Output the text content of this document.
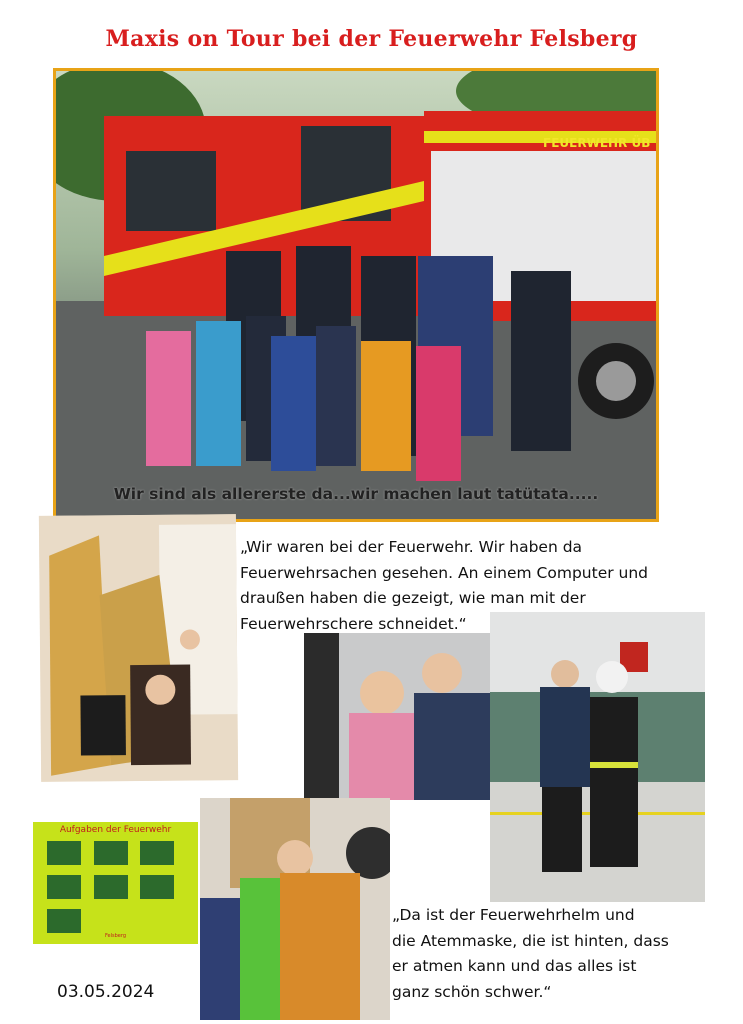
Maxis on Tour bei der Feuerwehr Felsberg
FEUERWEHR ÜB
Wir sind als allererste da...wir machen laut tatütata.....
„Wir waren bei der Feuerwehr. Wir haben da
Feuerwehrsachen gesehen. An einem Computer und
draußen haben die gezeigt, wie man mit der
Feuerwehrschere schneidet.“
Aufgaben der Feuerwehr
Felsberg
„Da ist der Feuerwehrhelm und
die Atemmaske, die ist hinten, dass
er atmen kann und das alles ist
ganz schön schwer.“
03.05.2024
